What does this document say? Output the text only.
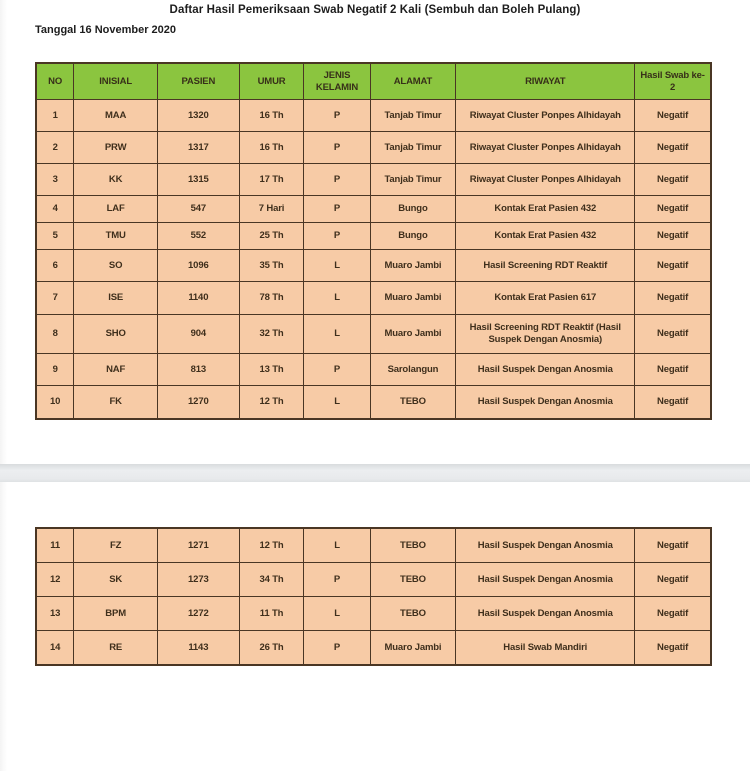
Daftar Hasil Pemeriksaan Swab Negatif 2 Kali (Sembuh dan Boleh Pulang)
Tanggal 16 November 2020
NO	INISIAL	PASIEN	UMUR	JENIS KELAMIN	ALAMAT	RIWAYAT	Hasil Swab ke-2
1	MAA	1320	16 Th	P	Tanjab Timur	Riwayat Cluster Ponpes Alhidayah	Negatif
2	PRW	1317	16 Th	P	Tanjab Timur	Riwayat Cluster Ponpes Alhidayah	Negatif
3	KK	1315	17 Th	P	Tanjab Timur	Riwayat Cluster Ponpes Alhidayah	Negatif
4	LAF	547	7 Hari	P	Bungo	Kontak Erat Pasien 432	Negatif
5	TMU	552	25 Th	P	Bungo	Kontak Erat Pasien 432	Negatif
6	SO	1096	35 Th	L	Muaro Jambi	Hasil Screening RDT Reaktif	Negatif
7	ISE	1140	78 Th	L	Muaro Jambi	Kontak Erat Pasien 617	Negatif
8	SHO	904	32 Th	L	Muaro Jambi	Hasil Screening RDT Reaktif (Hasil Suspek Dengan Anosmia)	Negatif
9	NAF	813	13 Th	P	Sarolangun	Hasil Suspek Dengan Anosmia	Negatif
10	FK	1270	12 Th	L	TEBO	Hasil Suspek Dengan Anosmia	Negatif
11	FZ	1271	12 Th	L	TEBO	Hasil Suspek Dengan Anosmia	Negatif
12	SK	1273	34 Th	P	TEBO	Hasil Suspek Dengan Anosmia	Negatif
13	BPM	1272	11 Th	L	TEBO	Hasil Suspek Dengan Anosmia	Negatif
14	RE	1143	26 Th	P	Muaro Jambi	Hasil Swab Mandiri	Negatif
